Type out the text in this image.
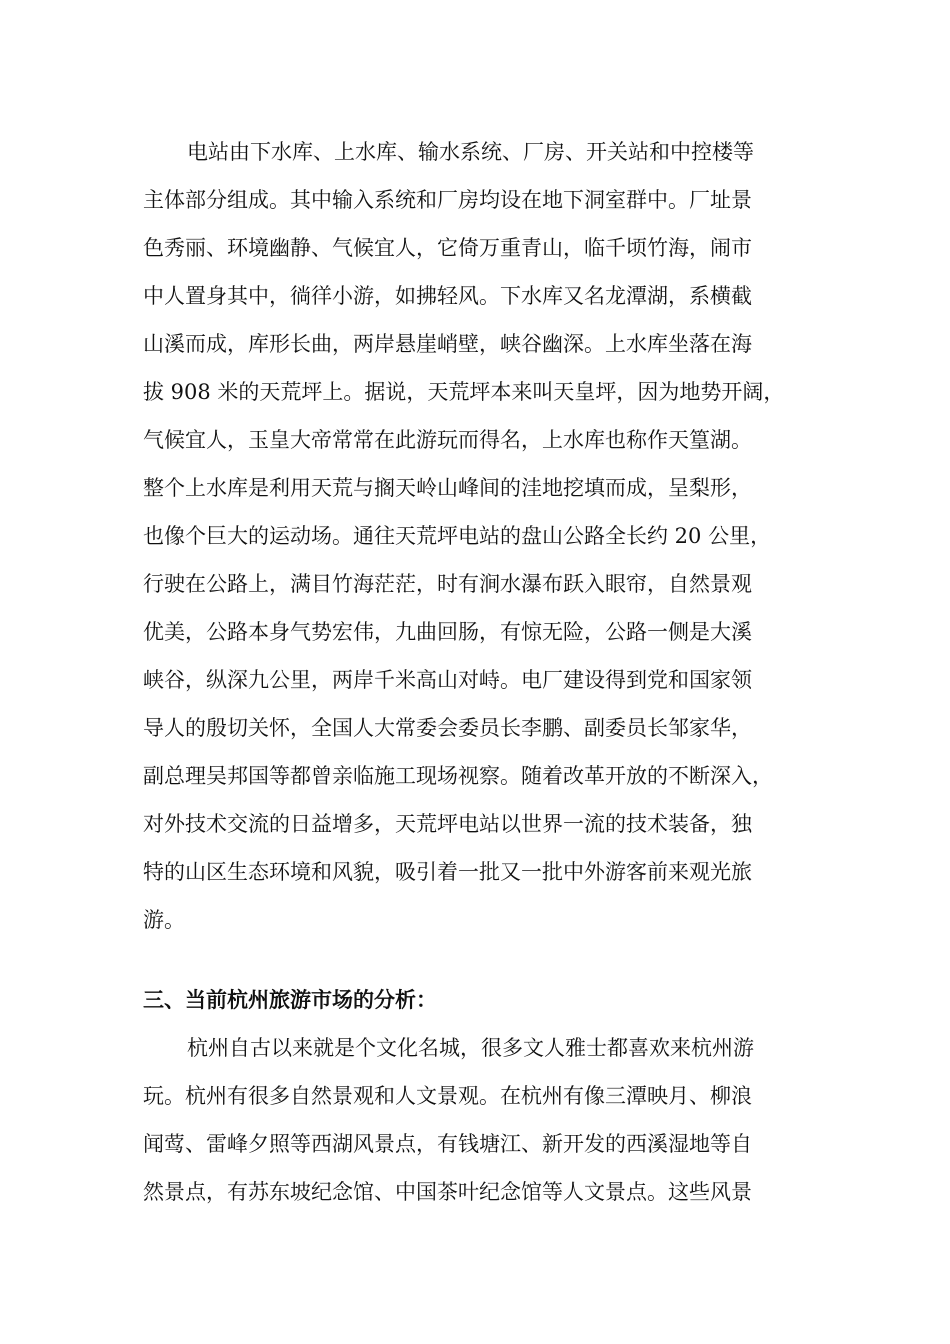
电站由下水库、上水库、输水系统、厂房、开关站和中控楼等
主体部分组成。其中输入系统和厂房均设在地下洞室群中。厂址景
色秀丽、环境幽静、气候宜人，它倚万重青山，临千顷竹海，闹市
中人置身其中，徜徉小游，如拂轻风。下水库又名龙潭湖，系横截
山溪而成，库形长曲，两岸悬崖峭壁，峡谷幽深。上水库坐落在海
拔 908 米的天荒坪上。据说，天荒坪本来叫天皇坪，因为地势开阔，
气候宜人，玉皇大帝常常在此游玩而得名，上水库也称作天篁湖。
整个上水库是利用天荒与搁天岭山峰间的洼地挖填而成，呈梨形，
也像个巨大的运动场。通往天荒坪电站的盘山公路全长约 20 公里，
行驶在公路上，满目竹海茫茫，时有涧水瀑布跃入眼帘，自然景观
优美，公路本身气势宏伟，九曲回肠，有惊无险，公路一侧是大溪
峡谷，纵深九公里，两岸千米高山对峙。电厂建设得到党和国家领
导人的殷切关怀，全国人大常委会委员长李鹏、副委员长邹家华，
副总理吴邦国等都曾亲临施工现场视察。随着改革开放的不断深入，
对外技术交流的日益增多，天荒坪电站以世界一流的技术装备，独
特的山区生态环境和风貌，吸引着一批又一批中外游客前来观光旅
游。
三、当前杭州旅游市场的分析：
杭州自古以来就是个文化名城，很多文人雅士都喜欢来杭州游
玩。杭州有很多自然景观和人文景观。在杭州有像三潭映月、柳浪
闻莺、雷峰夕照等西湖风景点，有钱塘江、新开发的西溪湿地等自
然景点，有苏东坡纪念馆、中国茶叶纪念馆等人文景点。这些风景
